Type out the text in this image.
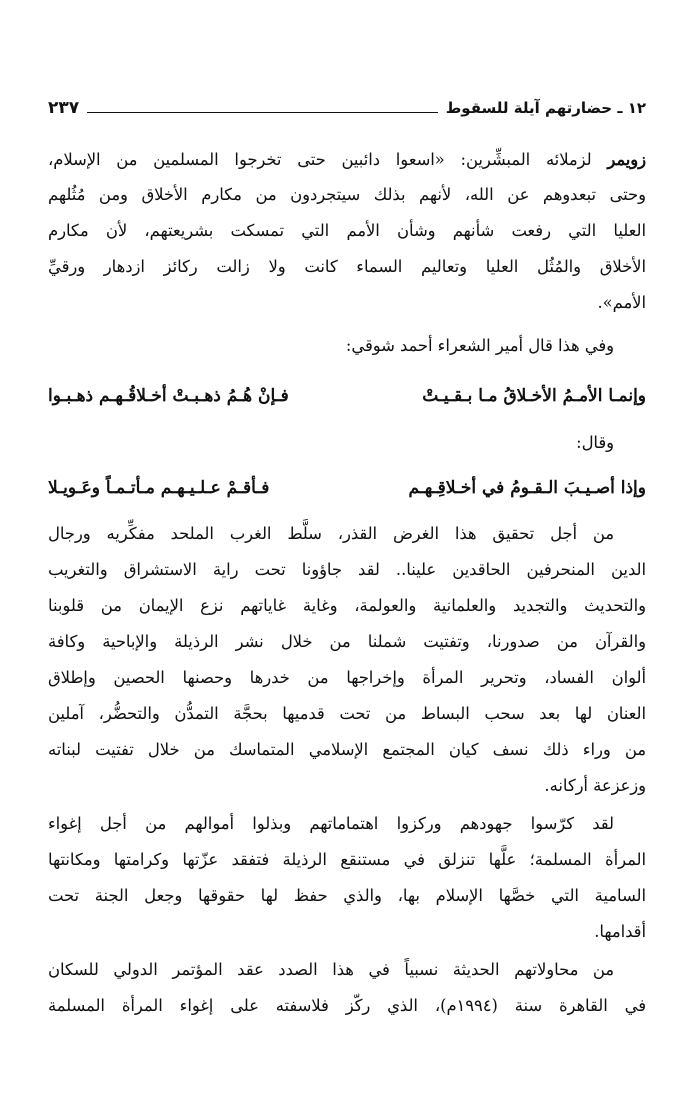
١٢ ـ حضارتهم آيلة للسقوط
٢٣٧
زويمر لزملائه المبشِّرين: «اسعوا دائبين حتى تخرجوا المسلمين من الإسلام،
وحتى تبعدوهم عن الله، لأنهم بذلك سيتجردون من مكارم الأخلاق ومن مُثُلهم
العليا التي رفعت شأنهم وشأن الأمم التي تمسكت بشريعتهم، لأن مكارم
الأخلاق والمُثُل العليا وتعاليم السماء كانت ولا زالت ركائز ازدهار ورقيِّ
الأمم».
وفي هذا قال أمير الشعراء أحمد شوقي:
وإنمـا الأمـمُ الأخـلاقُ مـا بـقـيـتْ
فـإنْ هُـمُ ذهـبـتْ أخـلاقُـهـم ذهـبـوا
وقال:
وإذا أصـيـبَ الـقـومُ في أخـلاقِـهـم
فـأقـمْ عـلـيـهـم مـأتـمـاً وعَـويـلا
من أجل تحقيق هذا الغرض القذر، سلَّط الغرب الملحد مفكِّريه ورجال
الدين المنحرفين الحاقدين علينا.. لقد جاؤونا تحت راية الاستشراق والتغريب
والتحديث والتجديد والعلمانية والعولمة، وغاية غاياتهم نزع الإيمان من قلوبنا
والقرآن من صدورنا، وتفتيت شملنا من خلال نشر الرذيلة والإباحية وكافة
ألوان الفساد، وتحرير المرأة وإخراجها من خدرها وحصنها الحصين وإطلاق
العنان لها بعد سحب البساط من تحت قدميها بحجَّة التمدُّن والتحضُّر، آملين
من وراء ذلك نسف كيان المجتمع الإسلامي المتماسك من خلال تفتيت لبناته
وزعزعة أركانه.
لقد كرّسوا جهودهم وركزوا اهتماماتهم وبذلوا أموالهم من أجل إغواء
المرأة المسلمة؛ علَّها تنزلق في مستنقع الرذيلة فتفقد عزّتها وكرامتها ومكانتها
السامية التي خصَّها الإسلام بها، والذي حفظ لها حقوقها وجعل الجنة تحت
أقدامها.
من محاولاتهم الحديثة نسبياً في هذا الصدد عقد المؤتمر الدولي للسكان
في القاهرة سنة (١٩٩٤م)، الذي ركّز فلاسفته على إغواء المرأة المسلمة
